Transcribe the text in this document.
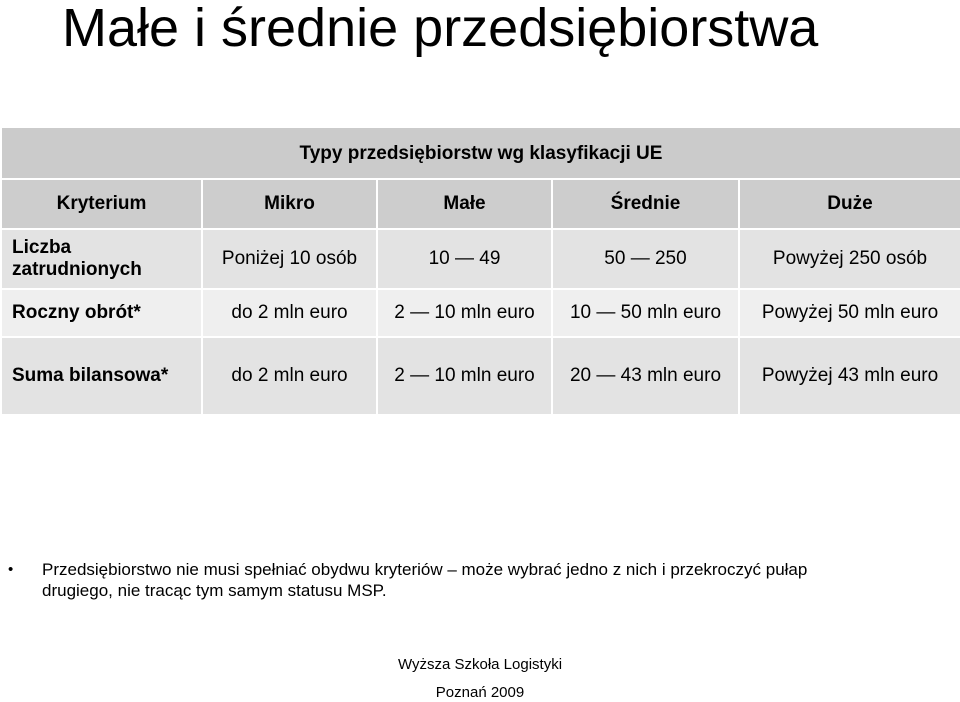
Małe i średnie przedsiębiorstwa
Typy przedsiębiorstw wg klasyfikacji UE				
Kryterium	Mikro	Małe	Średnie	Duże

Liczba
zatrudnionych	Poniżej 10 osób	10 — 49	50 — 250	Powyżej 250 osób
Roczny obrót*	do 2 mln euro	2 — 10 mln euro	10 — 50 mln euro	Powyżej 50 mln euro
Suma bilansowa*	do 2 mln euro	2 — 10 mln euro	20 — 43 mln euro	Powyżej 43 mln euro
• Przedsiębiorstwo nie musi spełniać obydwu kryteriów – może wybrać jedno z nich i przekroczyć pułap
drugiego, nie tracąc tym samym statusu MSP.
Wyższa Szkoła Logistyki
Poznań 2009
